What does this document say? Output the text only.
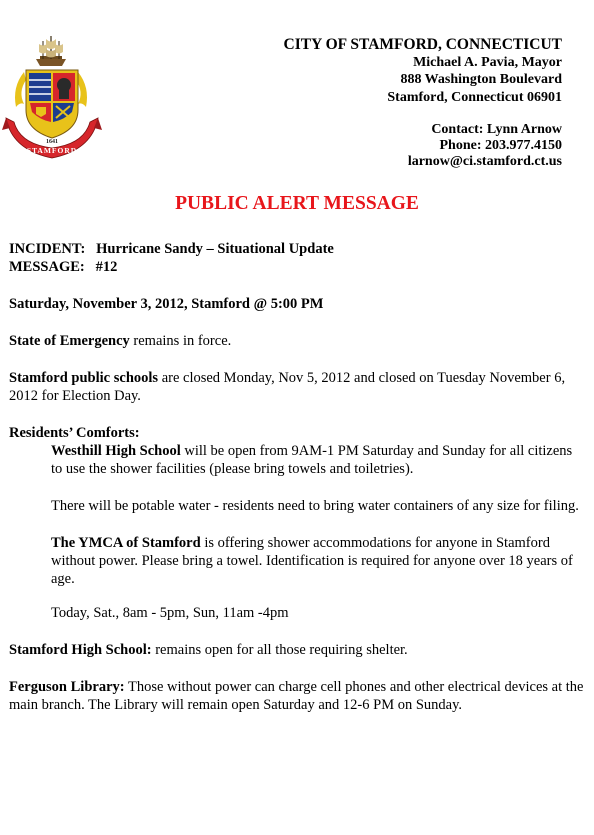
STAMFORD
1641
CITY OF STAMFORD, CONNECTICUT
Michael A. Pavia, Mayor
888 Washington Boulevard
Stamford, Connecticut 06901
Contact: Lynn Arnow
Phone: 203.977.4150
larnow@ci.stamford.ct.us
PUBLIC ALERT MESSAGE

INCIDENT: Hurricane Sandy – Situational Update

MESSAGE: #12

Saturday, November 3, 2012, Stamford @ 5:00 PM

State of Emergency remains in force.

Stamford public schools are closed Monday, Nov 5, 2012 and closed on Tuesday November 6, 2012 for Election Day.

Residents’ Comforts:

Westhill High School will be open from 9AM-1 PM Saturday and Sunday for all citizens to use the shower facilities (please bring towels and toiletries).

There will be potable water - residents need to bring water containers of any size for filing.

The YMCA of Stamford is offering shower accommodations for anyone in Stamford without power. Please bring a towel. Identification is required for anyone over 18 years of age.

Today, Sat., 8am - 5pm, Sun, 11am -4pm

Stamford High School: remains open for all those requiring shelter.

Ferguson Library: Those without power can charge cell phones and other electrical devices at the main branch. The Library will remain open Saturday and 12-6 PM on Sunday.
